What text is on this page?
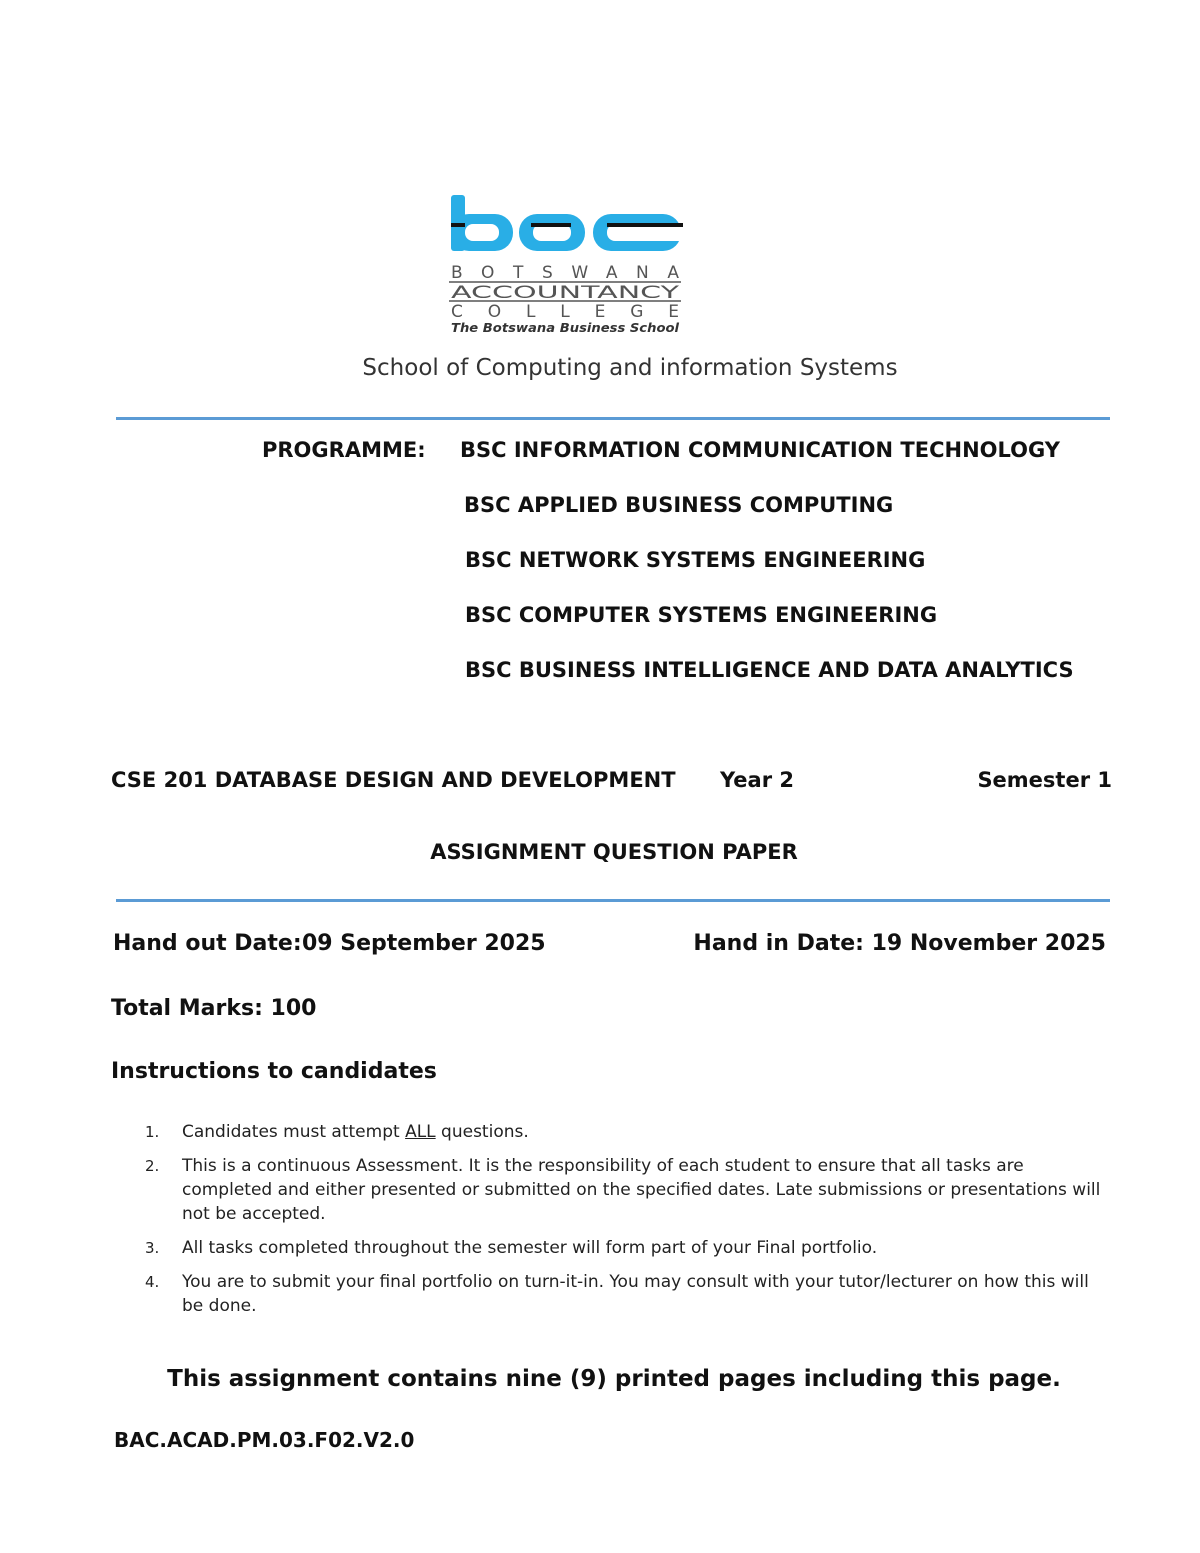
BOTSWANA
ACCOUNTANCY
COLLEGE
The Botswana Business School
School of Computing and information Systems
PROGRAMME: BSC INFORMATION COMMUNICATION TECHNOLOGY
BSC APPLIED BUSINESS COMPUTING
BSC NETWORK SYSTEMS ENGINEERING
BSC COMPUTER SYSTEMS ENGINEERING
BSC BUSINESS INTELLIGENCE AND DATA ANALYTICS
CSE 201 DATABASE DESIGN AND DEVELOPMENT Year 2	Semester 1
ASSIGNMENT QUESTION PAPER
Hand out Date: 09 September 2025	Hand in Date: 19 November 2025
Total Marks: 100
Instructions to candidates
1. Candidates must attempt ALL questions.
2. This is a continuous Assessment. It is the responsibility of each student to ensure that all tasks are completed and either presented or submitted on the specified dates. Late submissions or presentations will not be accepted.
3. All tasks completed throughout the semester will form part of your Final portfolio.
4. You are to submit your final portfolio on turn-it-in. You may consult with your tutor/lecturer on how this will be done.
This assignment contains nine (9) printed pages including this page.
BAC.ACAD.PM.03.F02.V2.0
